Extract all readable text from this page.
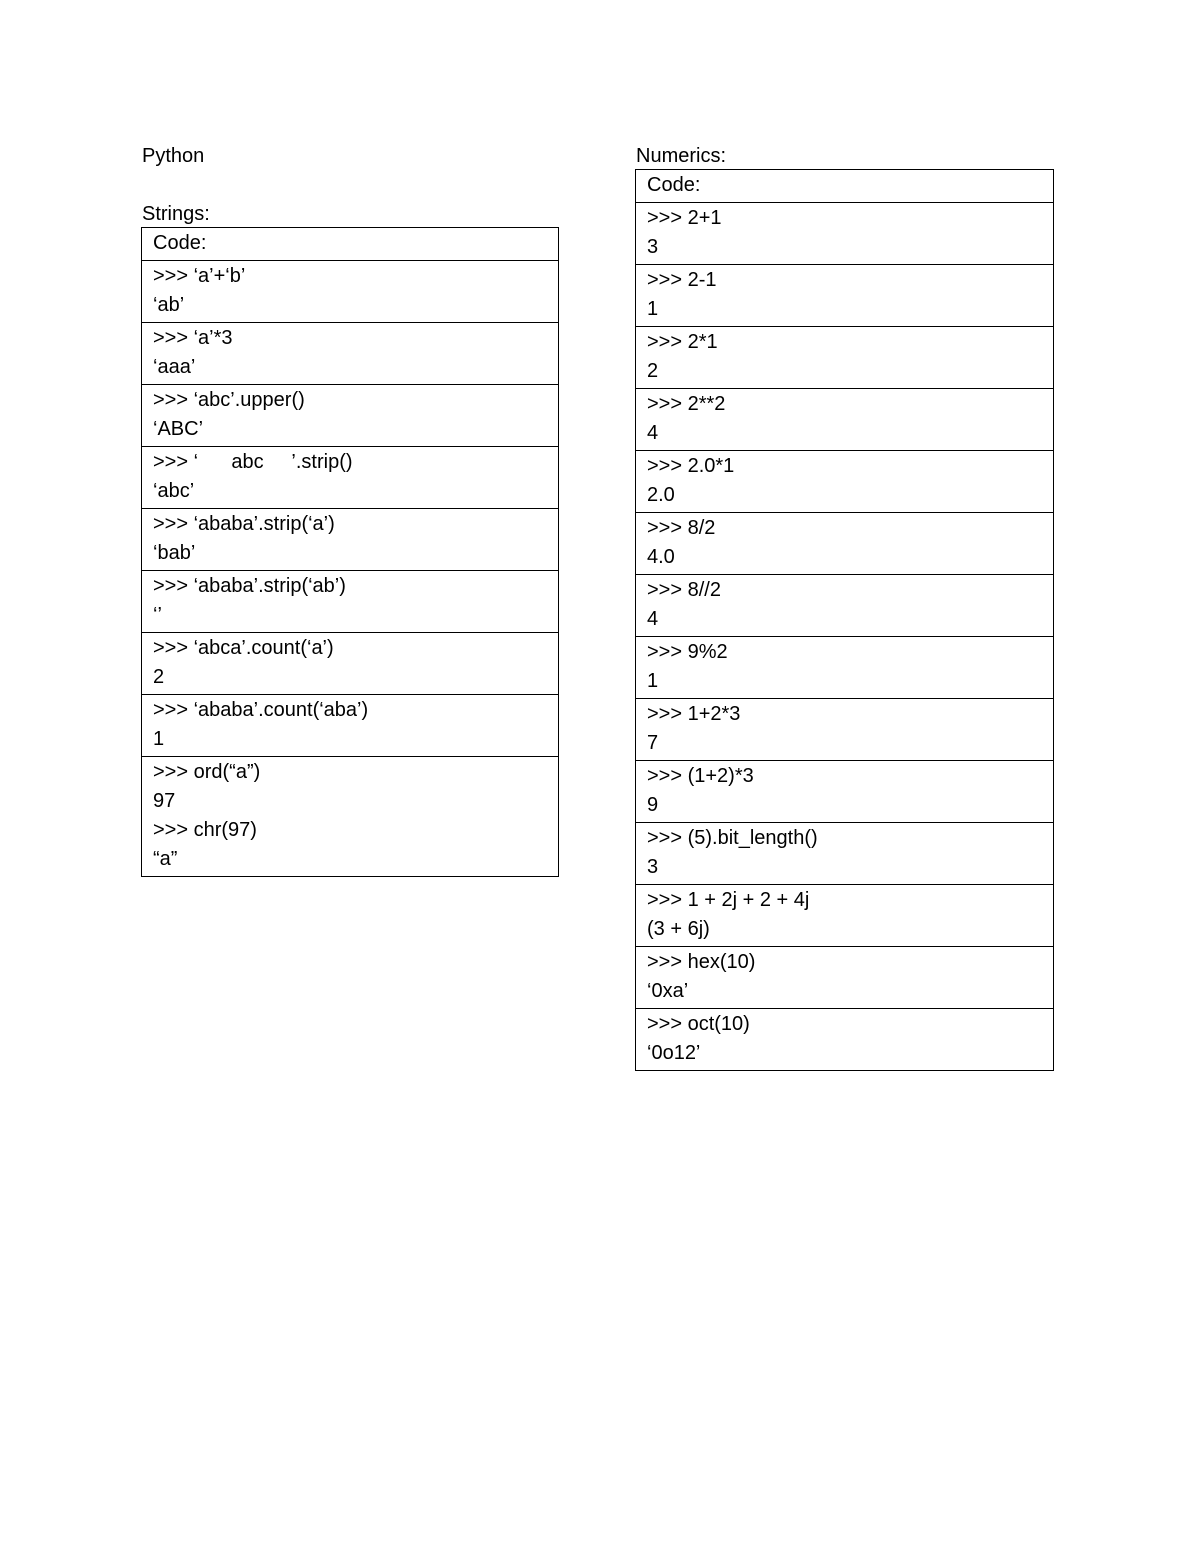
Python
Strings:
Code:

>>> ‘a’+‘b’
‘ab’

>>> ‘a’*3
‘aaa’

>>> ‘abc’.upper()
‘ABC’

>>> ‘      abc     ’.strip()
‘abc’

>>> ‘ababa’.strip(‘a’)
‘bab’

>>> ‘ababa’.strip(‘ab’)
‘’

>>> ‘abca’.count(‘a’)
2

>>> ‘ababa’.count(‘aba’)
1

>>> ord(“a”)
97
>>> chr(97)
“a”
Numerics:
Code:

>>> 2+1
3

>>> 2-1
1

>>> 2*1
2

>>> 2**2
4

>>> 2.0*1
2.0

>>> 8/2
4.0

>>> 8//2
4

>>> 9%2
1

>>> 1+2*3
7

>>> (1+2)*3
9

>>> (5).bit_length()
3

>>> 1 + 2j + 2 + 4j
(3 + 6j)

>>> hex(10)
‘0xa’

>>> oct(10)
‘0o12’
